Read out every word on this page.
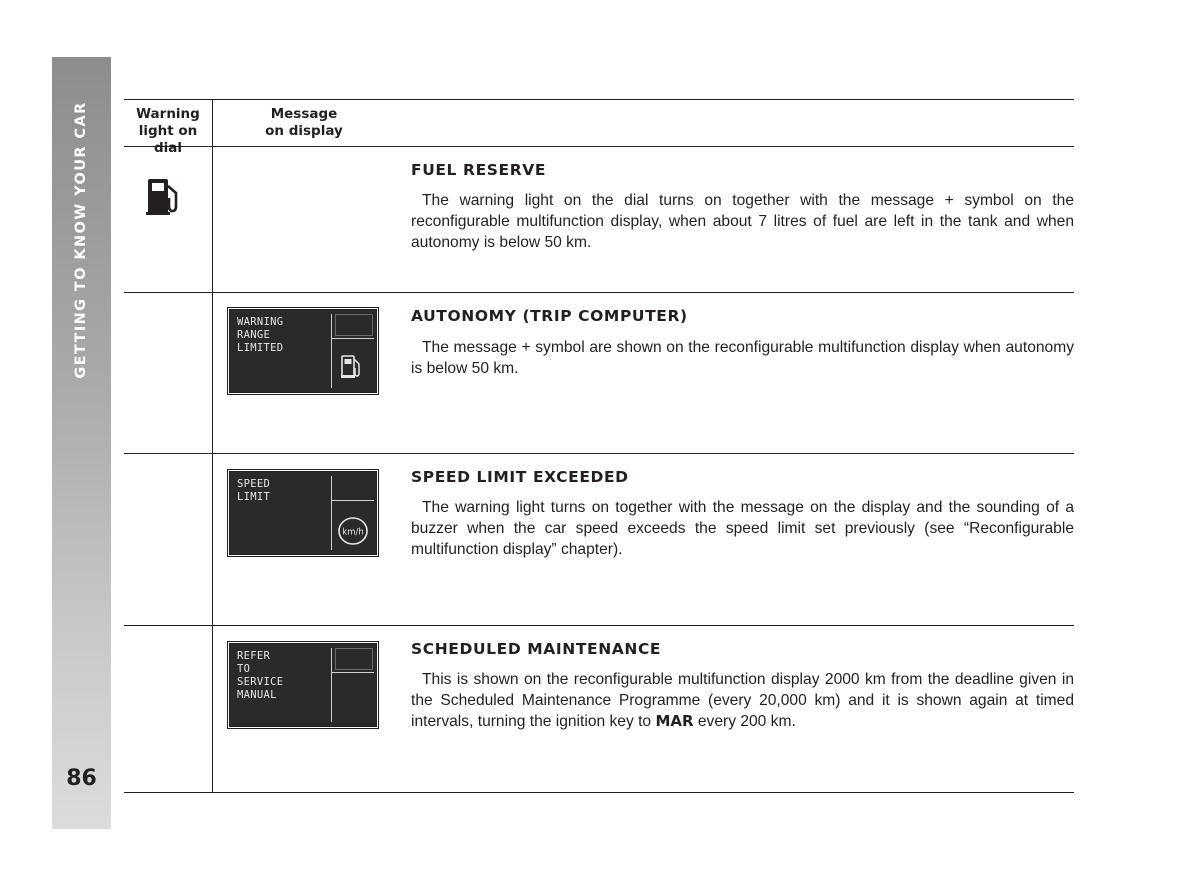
GETTING TO KNOW YOUR CAR
86
Warning
light on dial
Message
on display
FUEL RESERVE
The warning light on the dial turns on together with the message + symbol on the reconfigurable multifunction display, when about 7 litres of fuel are left in the tank and when autonomy is below 50 km.
WARNING
RANGE
LIMITED
AUTONOMY (TRIP COMPUTER)
The message + symbol are shown on the reconfigurable multifunction display when autonomy is below 50 km.
SPEED
LIMIT
km/h
SPEED LIMIT EXCEEDED
The warning light turns on together with the message on the display and the sounding of a buzzer when the car speed exceeds the speed limit set previously (see “Reconfigurable multifunction display” chapter).
REFER
TO
SERVICE
MANUAL
SCHEDULED MAINTENANCE
This is shown on the reconfigurable multifunction display 2000 km from the deadline given in the Scheduled Maintenance Programme (every 20,000 km) and it is shown again at timed intervals, turning the ignition key to MAR every 200 km.
